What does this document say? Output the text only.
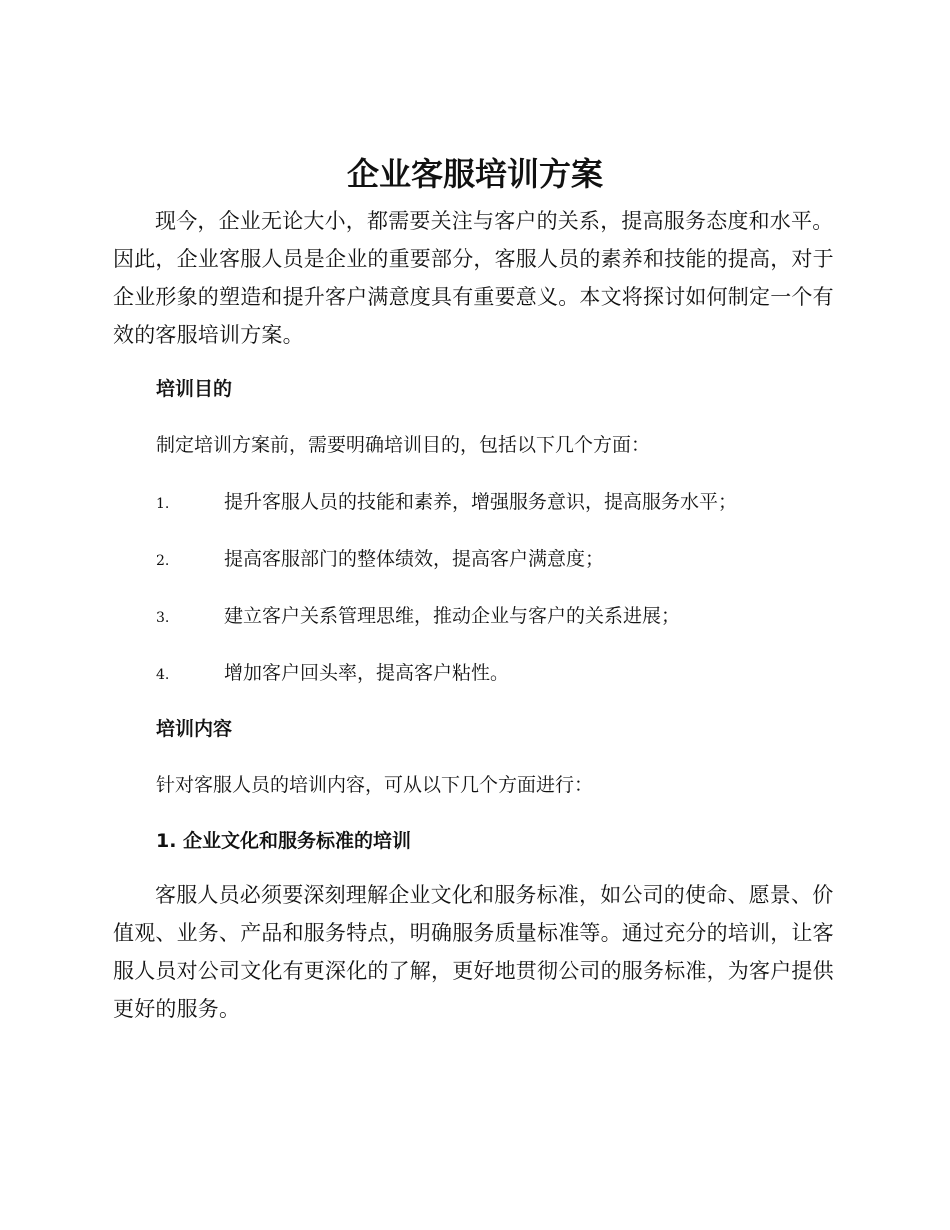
企业客服培训方案

现今，企业无论大小，都需要关注与客户的关系，提高服务态度和水平。因此，企业客服人员是企业的重要部分，客服人员的素养和技能的提高，对于企业形象的塑造和提升客户满意度具有重要意义。本文将探讨如何制定一个有效的客服培训方案。

培训目的

制定培训方案前，需要明确培训目的，包括以下几个方面：

1.	提升客服人员的技能和素养，增强服务意识，提高服务水平；
2.	提高客服部门的整体绩效，提高客户满意度；
3.	建立客户关系管理思维，推动企业与客户的关系进展；
4.	增加客户回头率，提高客户粘性。
培训内容

针对客服人员的培训内容，可从以下几个方面进行：

1. 企业文化和服务标准的培训

客服人员必须要深刻理解企业文化和服务标准，如公司的使命、愿景、价值观、业务、产品和服务特点，明确服务质量标准等。通过充分的培训，让客服人员对公司文化有更深化的了解，更好地贯彻公司的服务标准，为客户提供更好的服务。
